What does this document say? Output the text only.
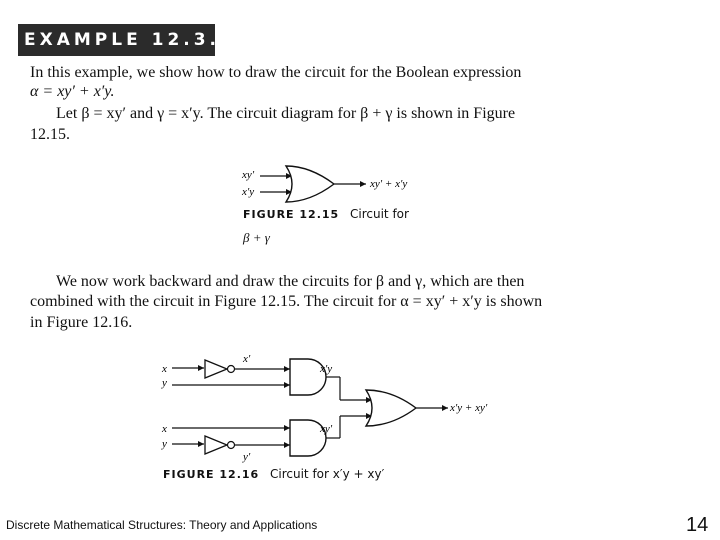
EXAMPLE 12.3.3
In this example, we show how to draw the circuit for the Boolean expression
α = xy′ + x′y.
Let β = xy′ and γ = x′y. The circuit diagram for β + γ is shown in Figure
12.15.
xy′
x′y
xy′ + x′y
FIGURE 12.15 Circuit for
β + γ
We now work backward and draw the circuits for β and γ, which are then
combined with the circuit in Figure 12.15. The circuit for α = xy′ + x′y is shown
in Figure 12.16.
x
y
x′
x′y
x
y
y′
xy′
x′y + xy′
FIGURE 12.16 Circuit for x′y + xy′
Discrete Mathematical Structures: Theory and Applications	14
